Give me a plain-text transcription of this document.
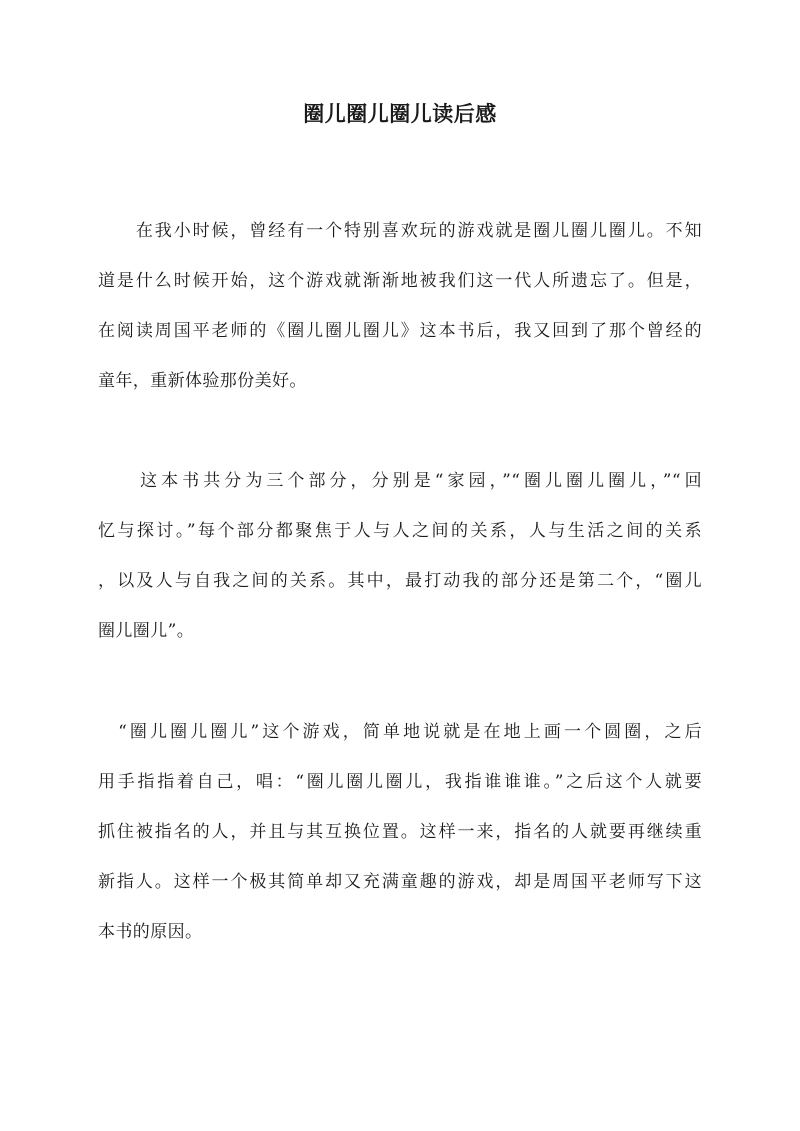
圈儿圈儿圈儿读后感
　　在我小时候，曾经有一个特别喜欢玩的游戏就是圈儿圈儿圈儿。不知
道是什么时候开始，这个游戏就渐渐地被我们这一代人所遗忘了。但是，
在阅读周国平老师的《圈儿圈儿圈儿》这本书后，我又回到了那个曾经的
童年，重新体验那份美好。
　　这本书共分为三个部分，分别是“家园，”“圈儿圈儿圈儿，”“回
忆与探讨。”每个部分都聚焦于人与人之间的关系，人与生活之间的关系
，以及人与自我之间的关系。其中，最打动我的部分还是第二个，“圈儿
圈儿圈儿”。
　“圈儿圈儿圈儿”这个游戏，简单地说就是在地上画一个圆圈，之后
用手指指着自己，唱：“圈儿圈儿圈儿，我指谁谁谁。”之后这个人就要
抓住被指名的人，并且与其互换位置。这样一来，指名的人就要再继续重
新指人。这样一个极其简单却又充满童趣的游戏，却是周国平老师写下这
本书的原因。
